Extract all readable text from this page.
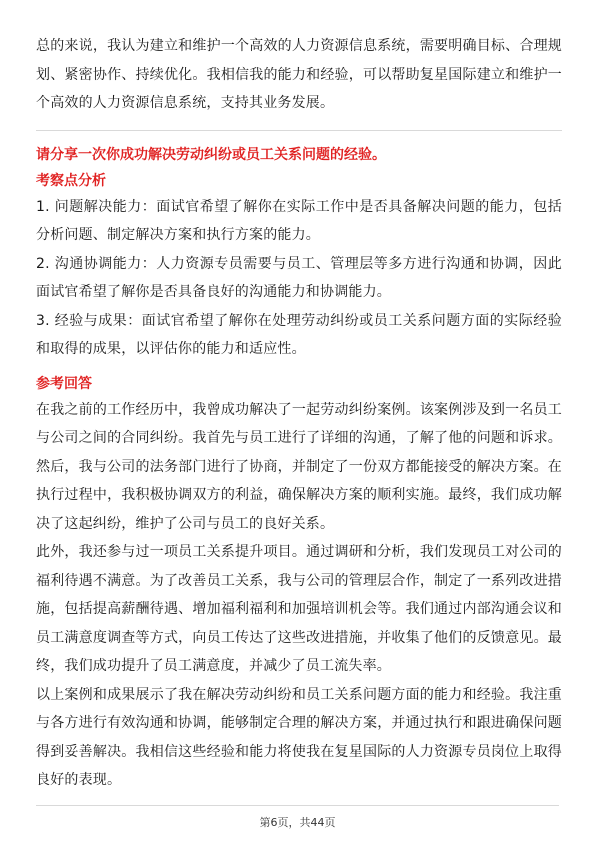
总的来说，我认为建立和维护一个高效的人力资源信息系统，需要明确目标、合理规划、紧密协作、持续优化。我相信我的能力和经验，可以帮助复星国际建立和维护一个高效的人力资源信息系统，支持其业务发展。

请分享一次你成功解决劳动纠纷或员工关系问题的经验。
考察点分析

1. 问题解决能力：面试官希望了解你在实际工作中是否具备解决问题的能力，包括分析问题、制定解决方案和执行方案的能力。

2. 沟通协调能力：人力资源专员需要与员工、管理层等多方进行沟通和协调，因此面试官希望了解你是否具备良好的沟通能力和协调能力。

3. 经验与成果：面试官希望了解你在处理劳动纠纷或员工关系问题方面的实际经验和取得的成果，以评估你的能力和适应性。

参考回答

在我之前的工作经历中，我曾成功解决了一起劳动纠纷案例。该案例涉及到一名员工与公司之间的合同纠纷。我首先与员工进行了详细的沟通，了解了他的问题和诉求。然后，我与公司的法务部门进行了协商，并制定了一份双方都能接受的解决方案。在执行过程中，我积极协调双方的利益，确保解决方案的顺利实施。最终，我们成功解决了这起纠纷，维护了公司与员工的良好关系。

此外，我还参与过一项员工关系提升项目。通过调研和分析，我们发现员工对公司的福利待遇不满意。为了改善员工关系，我与公司的管理层合作，制定了一系列改进措施，包括提高薪酬待遇、增加福利福利和加强培训机会等。我们通过内部沟通会议和员工满意度调查等方式，向员工传达了这些改进措施，并收集了他们的反馈意见。最终，我们成功提升了员工满意度，并减少了员工流失率。

以上案例和成果展示了我在解决劳动纠纷和员工关系问题方面的能力和经验。我注重与各方进行有效沟通和协调，能够制定合理的解决方案，并通过执行和跟进确保问题得到妥善解决。我相信这些经验和能力将使我在复星国际的人力资源专员岗位上取得良好的表现。

第6页，共44页
